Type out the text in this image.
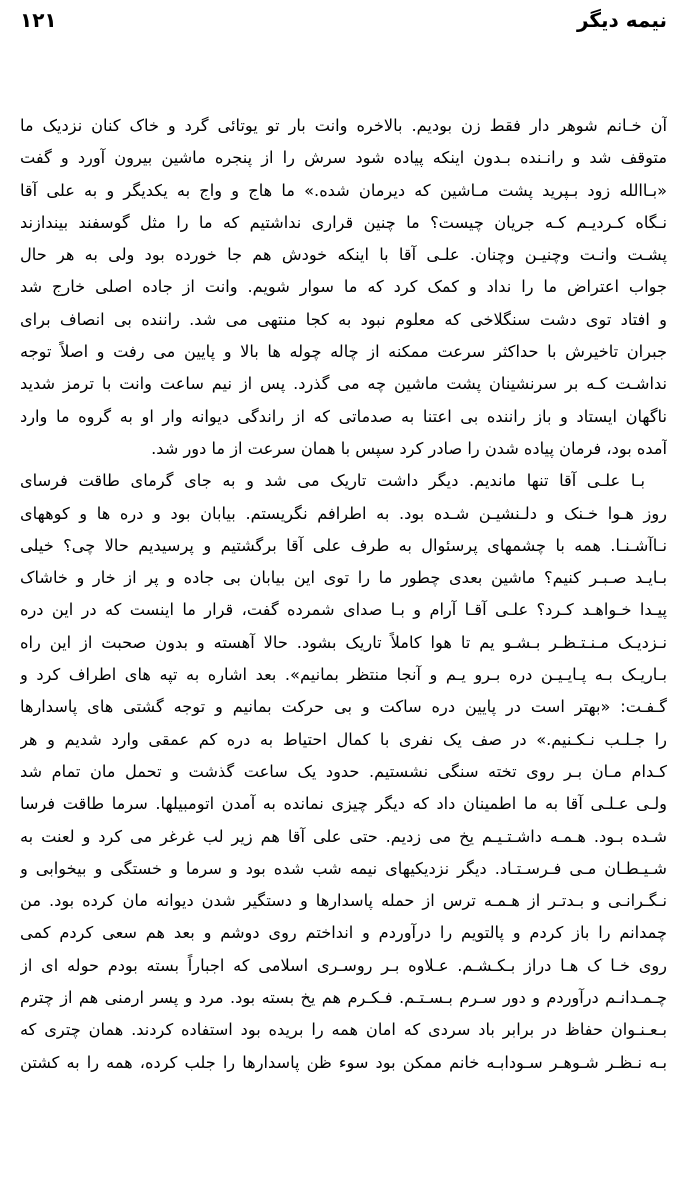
۱۲۱	نیمه دیگر
آن خـانم شوهر دار فقط زن بودیم. بالاخره وانت بار تو یوتائی گرد و خاک کنان نزدیک ما
متوقف شد و رانـنده بـدون اینکه پیاده شود سرش را از پنجره ماشین بیرون آورد و گفت
«بـاالله زود بـپرید پشت مـاشین که دیرمان شده.» ما هاج و واج به یکدیگر و به علی آقا
نـگاه کـردیـم کـه جریان چیست؟ ما چنین قراری نداشتیم که ما را مثل گوسفند بیندازند
پشـت وانـت وچنیـن وچنان. علـی آقا با اینکه خودش هم جا خورده بود ولی به هر حال
جواب اعتراض ما را نداد و کمک کرد که ما سوار شویم. وانت از جاده اصلی خارج شد
و افتاد توی دشت سنگلاخی که معلوم نبود به کجا منتهی می شد. راننده بی انصاف برای
جبران تاخیرش با حداکثر سرعت ممکنه از چاله چوله ها بالا و پایین می رفت و اصلاً توجه
نداشـت کـه بر سرنشینان پشت ماشین چه می گذرد. پس از نیم ساعت وانت با ترمز شدید
ناگهان ایستاد و باز راننده بی اعتنا به صدماتی که از راندگی دیوانه وار او به گروه ما وارد
آمده بود، فرمان پیاده شدن را صادر کرد سپس با همان سرعت از ما دور شد.
بـا علـی آقا تنها ماندیم. دیگر داشت تاریک می شد و به جای گرمای طاقت فرسای
روز هـوا خـنک و دلـنشیـن شـده بود. به اطرافم نگریستم. بیابان بود و دره ها و کوههای
نـاآشـنـا. همه با چشمهای پرسئوال به طرف علی آقا برگشتیم و پرسیدیم حالا چی؟ خیلی
بـایـد صـبـر کنیم؟ ماشین بعدی چطور ما را توی این بیابان بی جاده و پر از خار و خاشاک
پیـدا خـواهـد کـرد؟ علـی آقـا آرام و بـا صدای شمرده گفت، قرار ما اینست که در این دره
نـزدیـک مـنـتـظـر بـشـو یم تا هوا کاملاً تاریک بشود. حالا آهسته و بدون صحبت از این راه
بـاریـک بـه پـایـیـن دره بـرو یـم و آنجا منتظر بمانیم». بعد اشاره به تپه های اطراف کرد و
گـفـت: «بهتر است در پایین دره ساکت و بی حرکت بمانیم و توجه گشتی های پاسدارها
را جـلـب نـکـنیم.» در صف یک نفری با کمال احتیاط به دره کم عمقی وارد شدیم و هر
کـدام مـان بـر روی تخته سنگی نشستیم. حدود یک ساعت گذشت و تحمل مان تمام شد
ولـی عـلـی آقا به ما اطمینان داد که دیگر چیزی نمانده به آمدن اتومبیلها. سرما طاقت فرسا
شـده بـود. هـمـه داشـتـیـم یخ می زدیم. حتی علی آقا هم زیر لب غرغر می کرد و لعنت به
شـیـطـان مـی فـرسـتـاد. دیگر نزدیکیهای نیمه شب شده بود و سرما و خستگی و بیخوابی و
نـگـرانـی و بـدتـر از هـمـه ترس از حمله پاسدارها و دستگیر شدن دیوانه مان کرده بود. من
چمدانم را باز کردم و پالتویم را درآوردم و انداختم روی دوشم و بعد هم سعی کردم کمی
روی خـا ک هـا دراز بـکـشـم. عـلاوه بـر روسـری اسلامی که اجباراً بسته بودم حوله ای از
چـمـدانـم درآوردم و دور سـرم بـسـتـم. فـکـرم هم یخ بسته بود. مرد و پسر ارمنی هم از چترم
بـعـنـوان حفاظ در برابر باد سردی که امان همه را بریده بود استفاده کردند. همان چتری که
بـه نـظـر شـوهـر سـودابـه خانم ممکن بود سوء ظن پاسدارها را جلب کرده، همه را به کشتن
